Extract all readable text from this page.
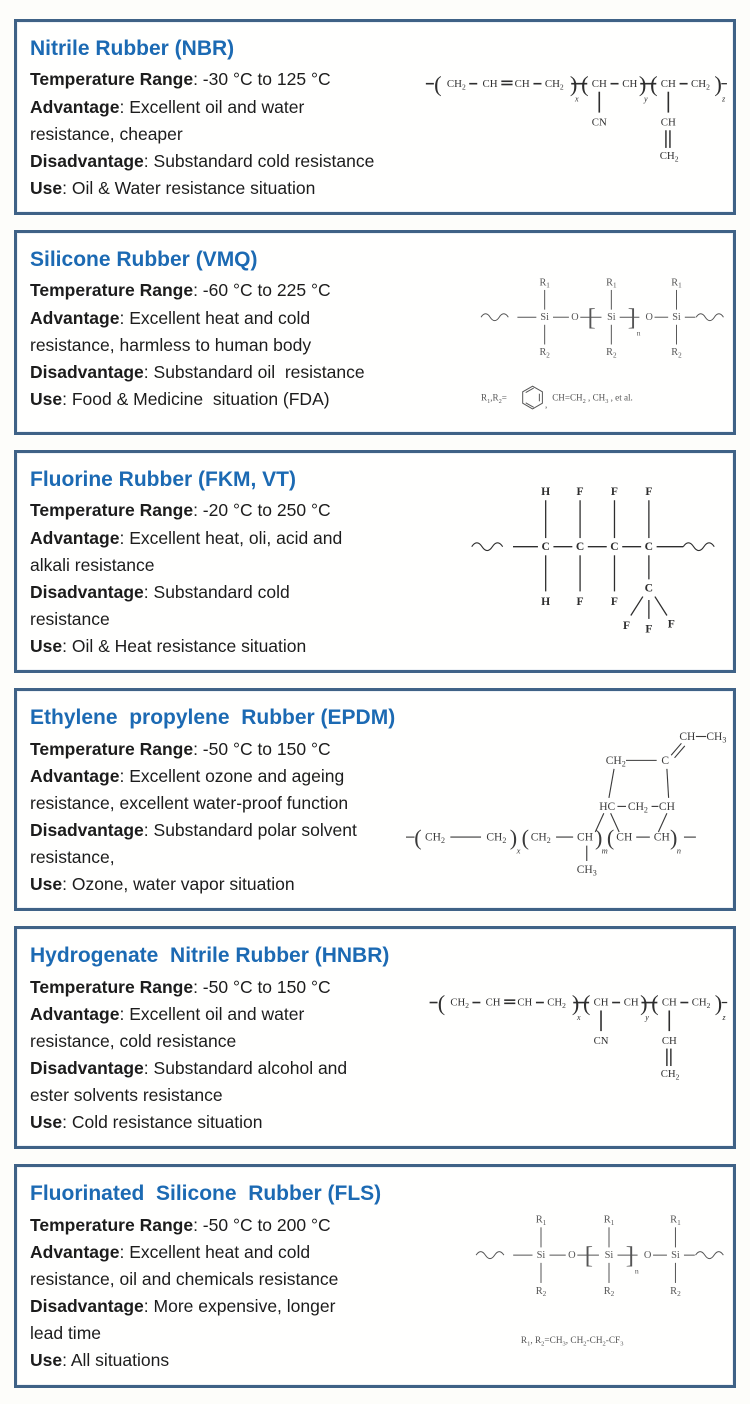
Nitrile Rubber (NBR)
Temperature Range: -30 °C to 125 °C
Advantage: Excellent oil and water
resistance, cheaper
Disadvantage: Substandard cold resistance
Use: Oil & Water resistance situation
( $CH_2$ CH CH $CH_2$ )
x
( CH CH )
y
( CH $CH_2$ )
z
CN	CH
$CH_2$
Silicone Rubber (VMQ)
Temperature Range: -60 °C to 225 °C
Advantage: Excellent heat and cold
resistance, harmless to human body
Disadvantage: Substandard oil  resistance
Use: Food & Medicine  situation (FDA)
Si	Si	Si
$R_1$	$R_1$	$R_1$
$R_2$	$R_2$	$R_2$
O	O
[ ]
n
$R_1,R_2=$
,
$CH=CH_2$ , $CH_3$ , et al.
Fluorine Rubber (FKM, VT)
Temperature Range: -20 °C to 250 °C
Advantage: Excellent heat, oli, acid and
alkali resistance
Disadvantage: Substandard cold
resistance
Use: Oil & Heat resistance situation
C C C C
H F F F
H F F
C
F F F
Ethylene  propylene  Rubber (EPDM)
Temperature Range: -50 °C to 150 °C
Advantage: Excellent ozone and ageing
resistance, excellent water-proof function
Disadvantage: Substandard polar solvent
resistance,
Use: Ozone, water vapor situation
( $CH_2$	$CH_2$ )
x
( $CH_2$ CH )
m
( CH CH )
n
$CH_3$
HC $CH_2$ CH
$CH_2$	C
CH $CH_3$
Hydrogenate  Nitrile Rubber (HNBR)
Temperature Range: -50 °C to 150 °C
Advantage: Excellent oil and water
resistance, cold resistance
Disadvantage: Substandard alcohol and
ester solvents resistance
Use: Cold resistance situation
( $CH_2$ CH CH $CH_2$ )
x
( CH CH )
y
( CH $CH_2$ )
z
CN	CH
$CH_2$
Fluorinated  Silicone  Rubber (FLS)
Temperature Range: -50 °C to 200 °C
Advantage: Excellent heat and cold
resistance, oil and chemicals resistance
Disadvantage: More expensive, longer
lead time
Use: All situations
Si	Si	Si
$R_1$	$R_1$	$R_1$
$R_2$	$R_2$	$R_2$
O	O
[ ]
n
$R_1$, $R_2=CH_3$, $CH_2-CH_2-CF_3$
